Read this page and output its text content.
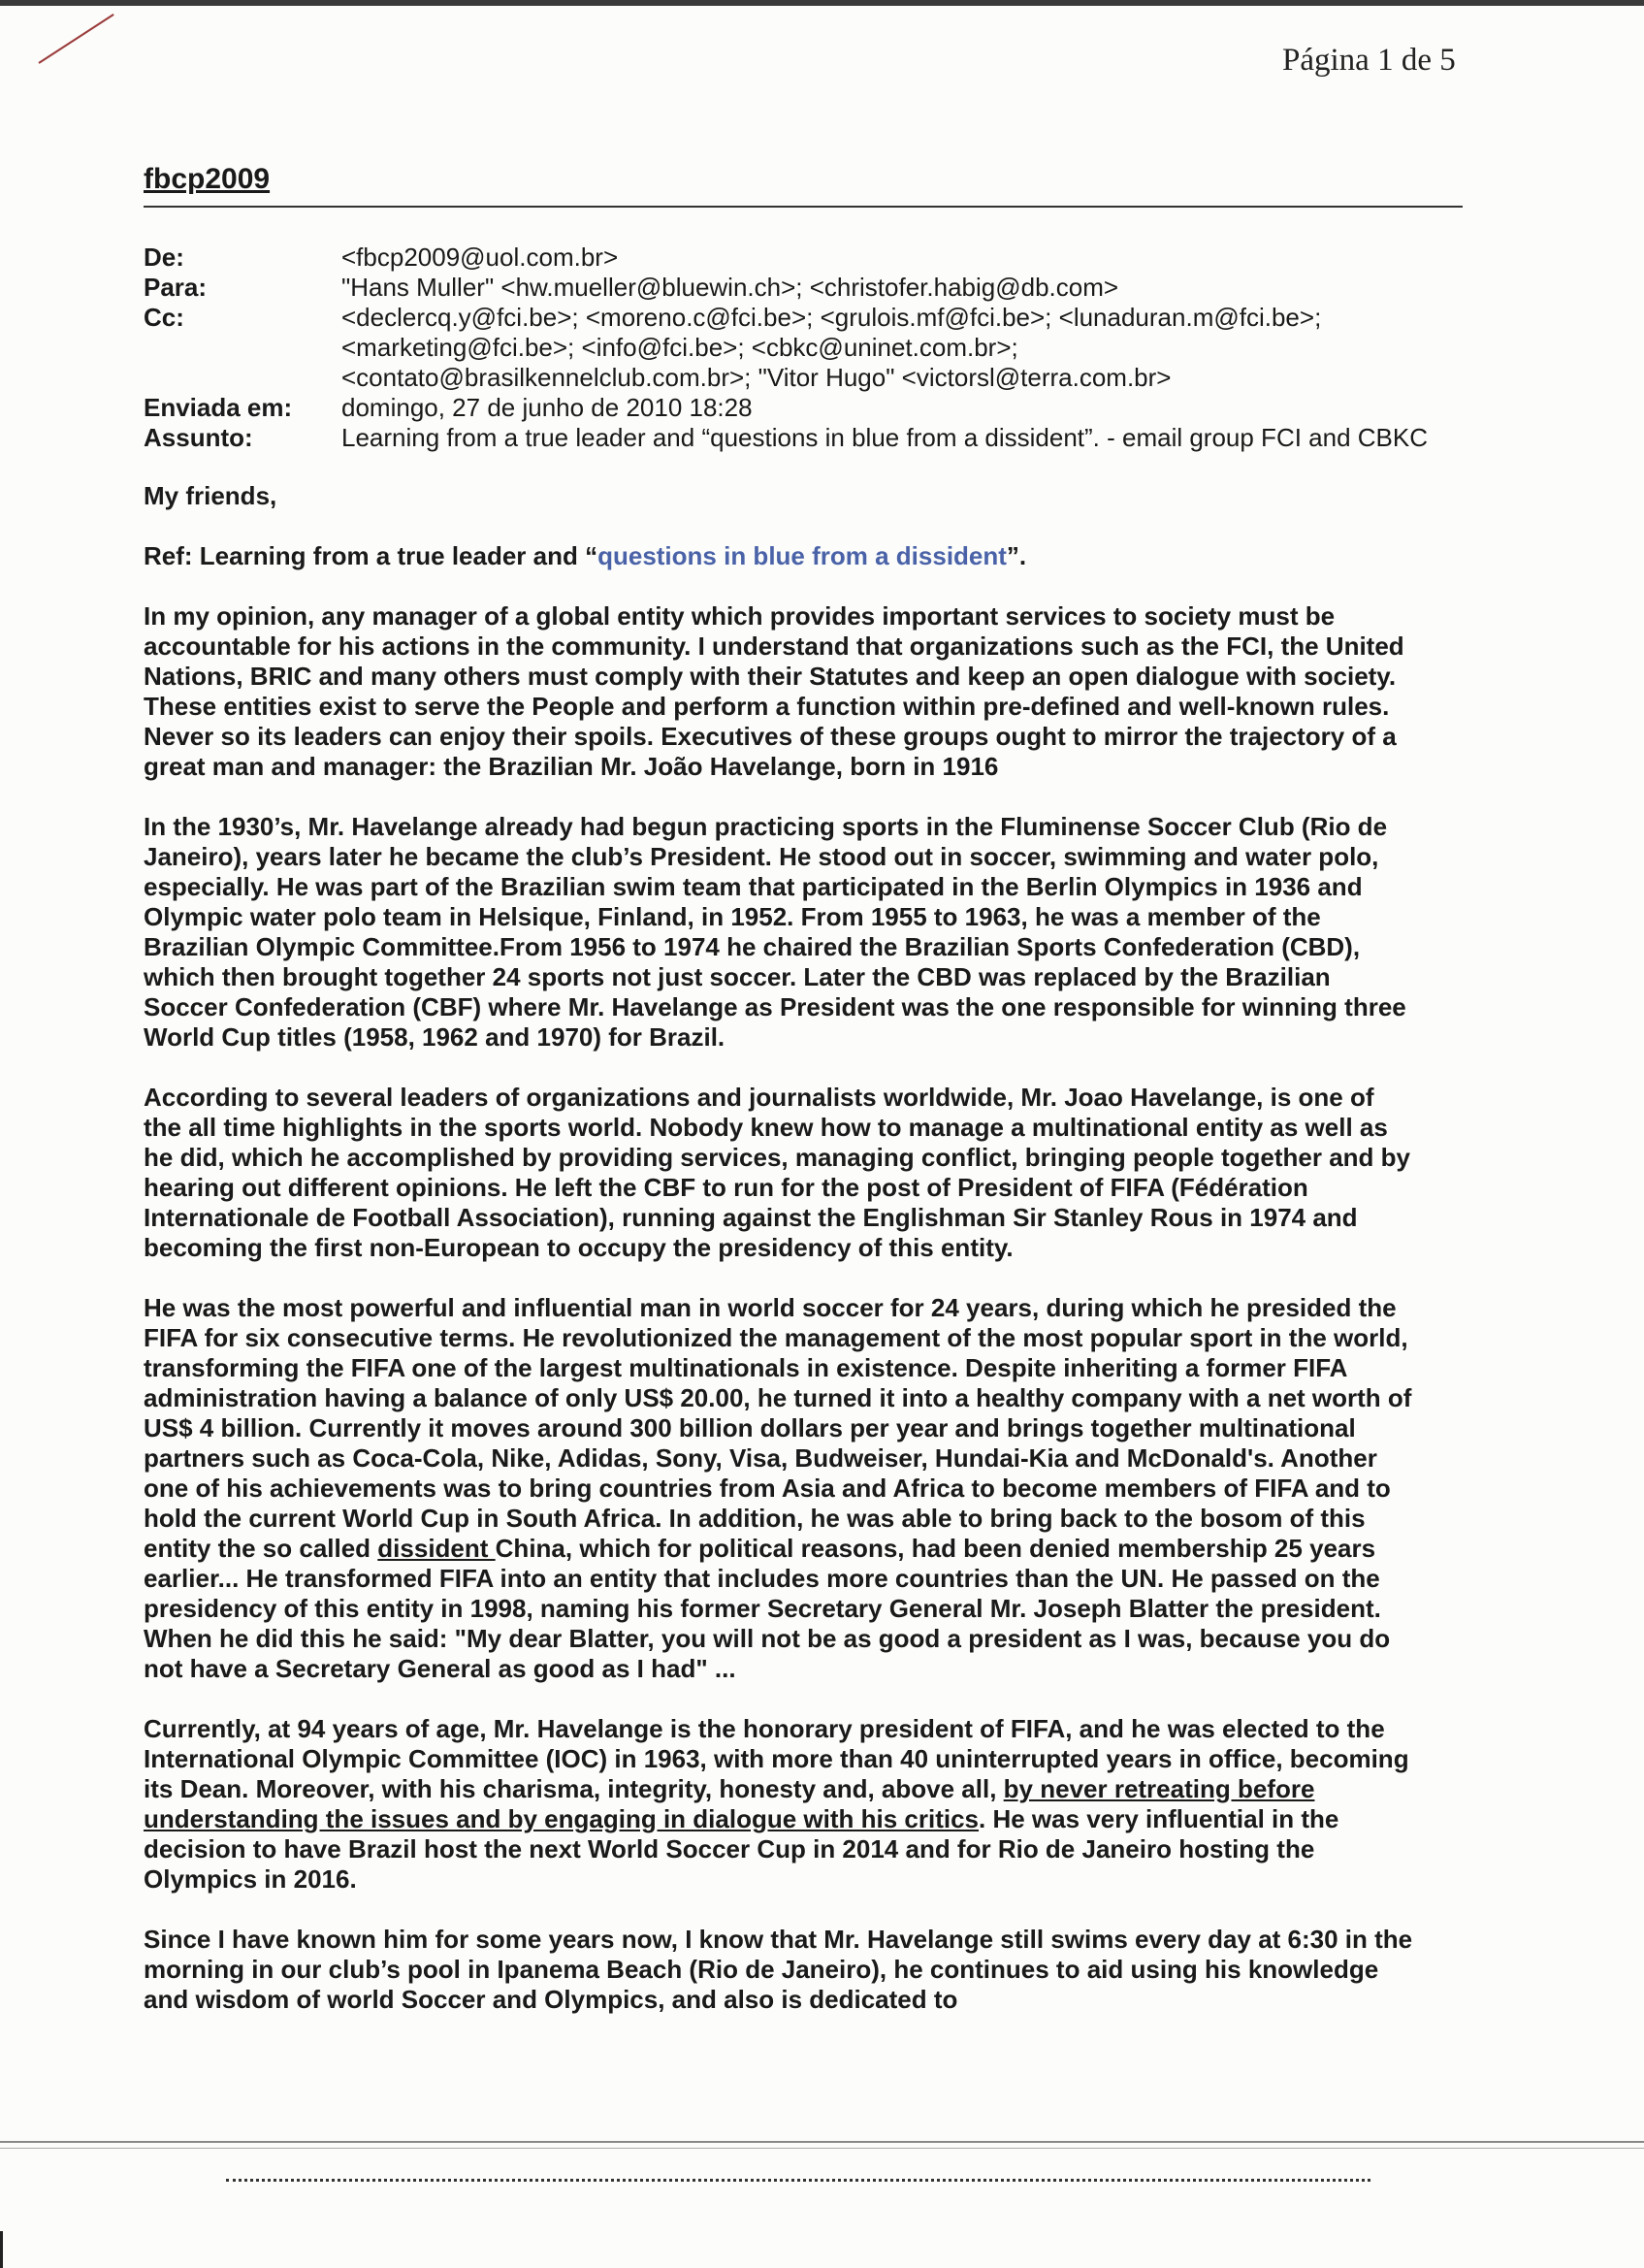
Página 1 de 5
fbcp2009
De:	<fbcp2009@uol.com.br>
Para:	"Hans Muller" <hw.mueller@bluewin.ch>; <christofer.habig@db.com>
Cc:	<declercq.y@fci.be>; <moreno.c@fci.be>; <grulois.mf@fci.be>; <lunaduran.m@fci.be>;
<marketing@fci.be>; <info@fci.be>; <cbkc@uninet.com.br>;
<contato@brasilkennelclub.com.br>; "Vitor Hugo" <victorsl@terra.com.br>
Enviada em:	domingo, 27 de junho de 2010 18:28
Assunto:	Learning from a true leader and “questions in blue from a dissident”. - email group FCI and CBKC

My friends,

Ref: Learning from a true leader and “questions in blue from a dissident”.

In my opinion, any manager of a global entity which provides important services to society must be accountable for his actions in the community. I understand that organizations such as the FCI, the United Nations, BRIC and many others must comply with their Statutes and keep an open dialogue with society. These entities exist to serve the People and perform a function within pre-defined and well-known rules. Never so its leaders can enjoy their spoils. Executives of these groups ought to mirror the trajectory of a great man and manager: the Brazilian Mr. João Havelange, born in 1916

In the 1930’s, Mr. Havelange already had begun practicing sports in the Fluminense Soccer Club (Rio de Janeiro), years later he became the club’s President. He stood out in soccer, swimming and water polo, especially. He was part of the Brazilian swim team that participated in the Berlin Olympics in 1936 and Olympic water polo team in Helsique, Finland, in 1952. From 1955 to 1963, he was a member of the Brazilian Olympic Committee.From 1956 to 1974 he chaired the Brazilian Sports Confederation (CBD), which then brought together 24 sports not just soccer. Later the CBD was replaced by the Brazilian Soccer Confederation (CBF) where Mr. Havelange as President was the one responsible for winning three World Cup titles (1958, 1962 and 1970) for Brazil.

According to several leaders of organizations and journalists worldwide, Mr. Joao Havelange, is one of the all time highlights in the sports world. Nobody knew how to manage a multinational entity as well as he did, which he accomplished by providing services, managing conflict, bringing people together and by hearing out different opinions. He left the CBF to run for the post of President of FIFA (Fédération Internationale de Football Association), running against the Englishman Sir Stanley Rous in 1974 and becoming the first non-European to occupy the presidency of this entity.

He was the most powerful and influential man in world soccer for 24 years, during which he presided the FIFA for six consecutive terms. He revolutionized the management of the most popular sport in the world, transforming the FIFA one of the largest multinationals in existence. Despite inheriting a former FIFA administration having a balance of only US$ 20.00, he turned it into a healthy company with a net worth of US$ 4 billion. Currently it moves around 300 billion dollars per year and brings together multinational partners such as Coca-Cola, Nike, Adidas, Sony, Visa, Budweiser, Hundai-Kia and McDonald's. Another one of his achievements was to bring countries from Asia and Africa to become members of FIFA and to hold the current World Cup in South Africa. In addition, he was able to bring back to the bosom of this entity the so called dissident China, which for political reasons, had been denied membership 25 years earlier... He transformed FIFA into an entity that includes more countries than the UN. He passed on the presidency of this entity in 1998, naming his former Secretary General Mr. Joseph Blatter the president. When he did this he said: "My dear Blatter, you will not be as good a president as I was, because you do not have a Secretary General as good as I had" ...

Currently, at 94 years of age, Mr. Havelange is the honorary president of FIFA, and he was elected to the International Olympic Committee (IOC) in 1963, with more than 40 uninterrupted years in office, becoming its Dean. Moreover, with his charisma, integrity, honesty and, above all, by never retreating before understanding the issues and by engaging in dialogue with his critics. He was very influential in the decision to have Brazil host the next World Soccer Cup in 2014 and for Rio de Janeiro hosting the Olympics in 2016.

Since I have known him for some years now, I know that Mr. Havelange still swims every day at 6:30 in the morning in our club’s pool in Ipanema Beach (Rio de Janeiro), he continues to aid using his knowledge and wisdom of world Soccer and Olympics, and also is dedicated to
